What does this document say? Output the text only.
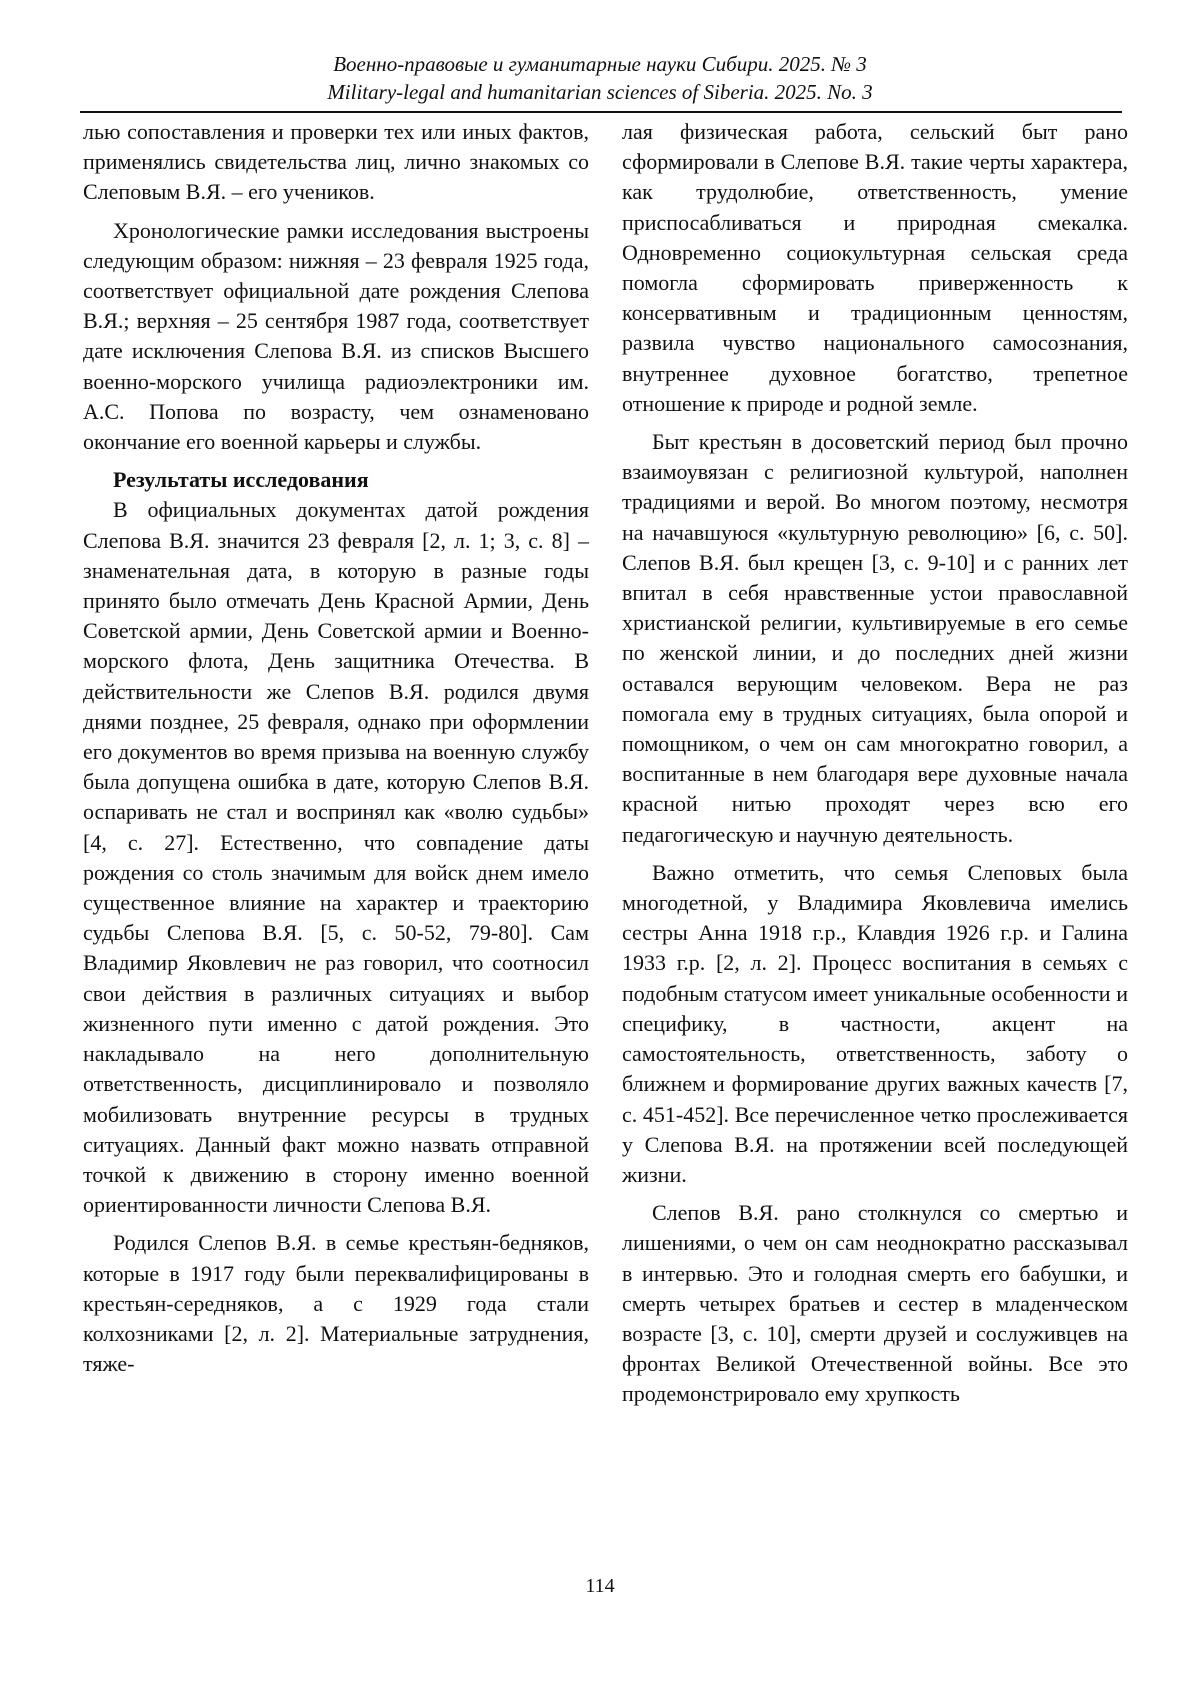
Военно-правовые и гуманитарные науки Сибири. 2025. № 3
Military-legal and humanitarian sciences of Siberia. 2025. No. 3

лью сопоставления и проверки тех или иных фактов, применялись свидетельства лиц, лично знакомых со Слеповым В.Я. – его учеников.

Хронологические рамки исследования выстроены следующим образом: нижняя – 23 февраля 1925 года, соответствует официальной дате рождения Слепова В.Я.; верхняя – 25 сентября 1987 года, соответствует дате исключения Слепова В.Я. из списков Высшего военно-морского училища радиоэлектроники им. А.С. Попова по возрасту, чем ознаменовано окончание его военной карьеры и службы.

Результаты исследования

В официальных документах датой рождения Слепова В.Я. значится 23 февраля [2, л. 1; 3, с. 8] – знаменательная дата, в которую в разные годы принято было отмечать День Красной Армии, День Советской армии, День Советской армии и Военно-морского флота, День защитника Отечества. В действительности же Слепов В.Я. родился двумя днями позднее, 25 февраля, однако при оформлении его документов во время призыва на военную службу была допущена ошибка в дате, которую Слепов В.Я. оспаривать не стал и воспринял как «волю судьбы» [4, с. 27]. Естественно, что совпадение даты рождения со столь значимым для войск днем имело существенное влияние на характер и траекторию судьбы Слепова В.Я. [5, с. 50-52, 79-80]. Сам Владимир Яковлевич не раз говорил, что соотносил свои действия в различных ситуациях и выбор жизненного пути именно с датой рождения. Это накладывало на него дополнительную ответственность, дисциплинировало и позволяло мобилизовать внутренние ресурсы в трудных ситуациях. Данный факт можно назвать отправной точкой к движению в сторону именно военной ориентированности личности Слепова В.Я.

Родился Слепов В.Я. в семье крестьян-бедняков, которые в 1917 году были переквалифицированы в крестьян-середняков, а с 1929 года стали колхозниками [2, л. 2]. Материальные затруднения, тяже-

лая физическая работа, сельский быт рано сформировали в Слепове В.Я. такие черты характера, как трудолюбие, ответственность, умение приспосабливаться и природная смекалка. Одновременно социокультурная сельская среда помогла сформировать приверженность к консервативным и традиционным ценностям, развила чувство национального самосознания, внутреннее духовное богатство, трепетное отношение к природе и родной земле.

Быт крестьян в досоветский период был прочно взаимоувязан с религиозной культурой, наполнен традициями и верой. Во многом поэтому, несмотря на начавшуюся «культурную революцию» [6, с. 50]. Слепов В.Я. был крещен [3, с. 9-10] и с ранних лет впитал в себя нравственные устои православной христианской религии, культивируемые в его семье по женской линии, и до последних дней жизни оставался верующим человеком. Вера не раз помогала ему в трудных ситуациях, была опорой и помощником, о чем он сам многократно говорил, а воспитанные в нем благодаря вере духовные начала красной нитью проходят через всю его педагогическую и научную деятельность.

Важно отметить, что семья Слеповых была многодетной, у Владимира Яковлевича имелись сестры Анна 1918 г.р., Клавдия 1926 г.р. и Галина 1933 г.р. [2, л. 2]. Процесс воспитания в семьях с подобным статусом имеет уникальные особенности и специфику, в частности, акцент на самостоятельность, ответственность, заботу о ближнем и формирование других важных качеств [7, с. 451-452]. Все перечисленное четко прослеживается у Слепова В.Я. на протяжении всей последующей жизни.

Слепов В.Я. рано столкнулся со смертью и лишениями, о чем он сам неоднократно рассказывал в интервью. Это и голодная смерть его бабушки, и смерть четырех братьев и сестер в младенческом возрасте [3, с. 10], смерти друзей и сослуживцев на фронтах Великой Отечественной войны. Все это продемонстрировало ему хрупкость

114
